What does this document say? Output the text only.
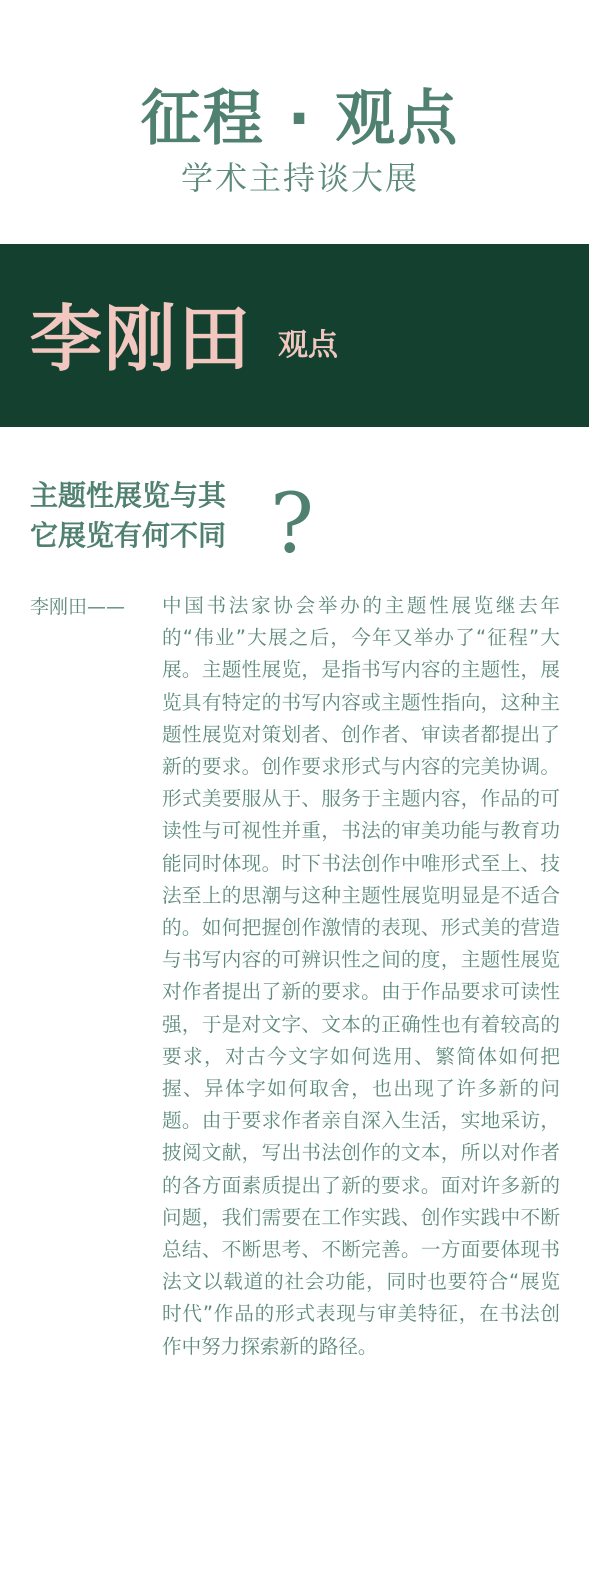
征程 · 观点
学术主持谈大展
李刚田 观点
主题性展览与其
它展览有何不同 ?
李刚田—— 中国书法家协会举办的主题性展览继去年的“伟业”大展之后，今年又举办了“征程”大展。主题性展览，是指书写内容的主题性，展览具有特定的书写内容或主题性指向，这种主题性展览对策划者、创作者、审读者都提出了新的要求。创作要求形式与内容的完美协调。形式美要服从于、服务于主题内容，作品的可读性与可视性并重，书法的审美功能与教育功能同时体现。时下书法创作中唯形式至上、技法至上的思潮与这种主题性展览明显是不适合的。如何把握创作激情的表现、形式美的营造与书写内容的可辨识性之间的度，主题性展览对作者提出了新的要求。由于作品要求可读性强，于是对文字、文本的正确性也有着较高的要求，对古今文字如何选用、繁简体如何把握、异体字如何取舍，也出现了许多新的问题。由于要求作者亲自深入生活，实地采访，披阅文献，写出书法创作的文本，所以对作者的各方面素质提出了新的要求。面对许多新的问题，我们需要在工作实践、创作实践中不断总结、不断思考、不断完善。一方面要体现书法文以载道的社会功能，同时也要符合“展览时代”作品的形式表现与审美特征，在书法创作中努力探索新的路径。
